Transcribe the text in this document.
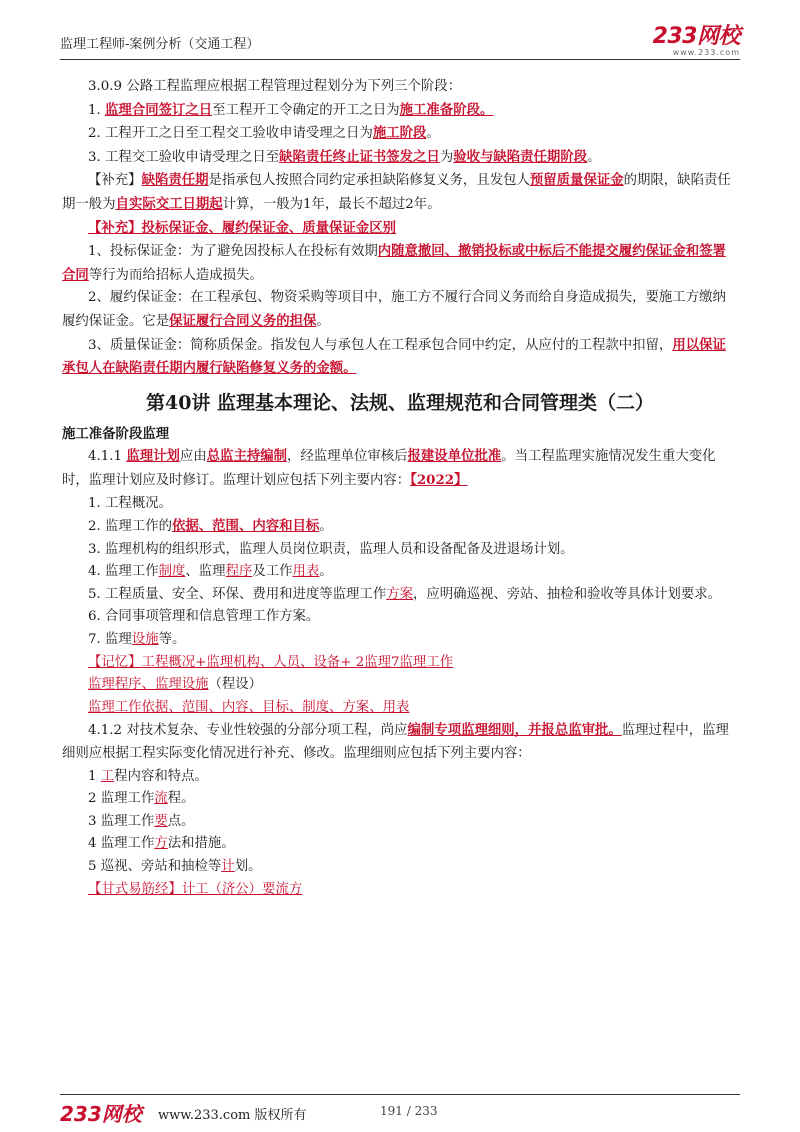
监理工程师-案例分析（交通工程）	233网校
www.233.com

3.0.9 公路工程监理应根据工程管理过程划分为下列三个阶段：

1. 监理合同签订之日至工程开工令确定的开工之日为施工准备阶段。

2. 工程开工之日至工程交工验收申请受理之日为施工阶段。

3. 工程交工验收申请受理之日至缺陷责任终止证书签发之日为验收与缺陷责任期阶段。

【补充】缺陷责任期是指承包人按照合同约定承担缺陷修复义务，且发包人预留质量保证金的期限，缺陷责任期一般为自实际交工日期起计算，一般为1年，最长不超过2年。

【补充】投标保证金、履约保证金、质量保证金区别

1、投标保证金：为了避免因投标人在投标有效期内随意撤回、撤销投标或中标后不能提交履约保证金和签署合同等行为而给招标人造成损失。

2、履约保证金：在工程承包、物资采购等项目中，施工方不履行合同义务而给自身造成损失，要施工方缴纳履约保证金。它是保证履行合同义务的担保。

3、质量保证金：简称质保金。指发包人与承包人在工程承包合同中约定，从应付的工程款中扣留，用以保证承包人在缺陷责任期内履行缺陷修复义务的金额。

第40讲 监理基本理论、法规、监理规范和合同管理类（二）

施工准备阶段监理

4.1.1 监理计划应由总监主持编制，经监理单位审核后报建设单位批准。当工程监理实施情况发生重大变化时，监理计划应及时修订。监理计划应包括下列主要内容：【2022】

1. 工程概况。

2. 监理工作的依据、范围、内容和目标。

3. 监理机构的组织形式，监理人员岗位职责，监理人员和设备配备及进退场计划。

4. 监理工作制度、监理程序及工作用表。

5. 工程质量、安全、环保、费用和进度等监理工作方案，应明确巡视、旁站、抽检和验收等具体计划要求。

6. 合同事项管理和信息管理工作方案。

7. 监理设施等。

【记忆】工程概况+监理机构、人员、设备+ 2监理7监理工作

监理程序、监理设施（程设）

监理工作依据、范围、内容、目标、制度、方案、用表

4.1.2 对技术复杂、专业性较强的分部分项工程，尚应编制专项监理细则，并报总监审批。监理过程中，监理细则应根据工程实际变化情况进行补充、修改。监理细则应包括下列主要内容：

1 工程内容和特点。

2 监理工作流程。

3 监理工作要点。

4 监理工作方法和措施。

5 巡视、旁站和抽检等计划。

【甘式易筋经】计工（济公）要流方

233网校 www.233.com 版权所有	191 / 233
